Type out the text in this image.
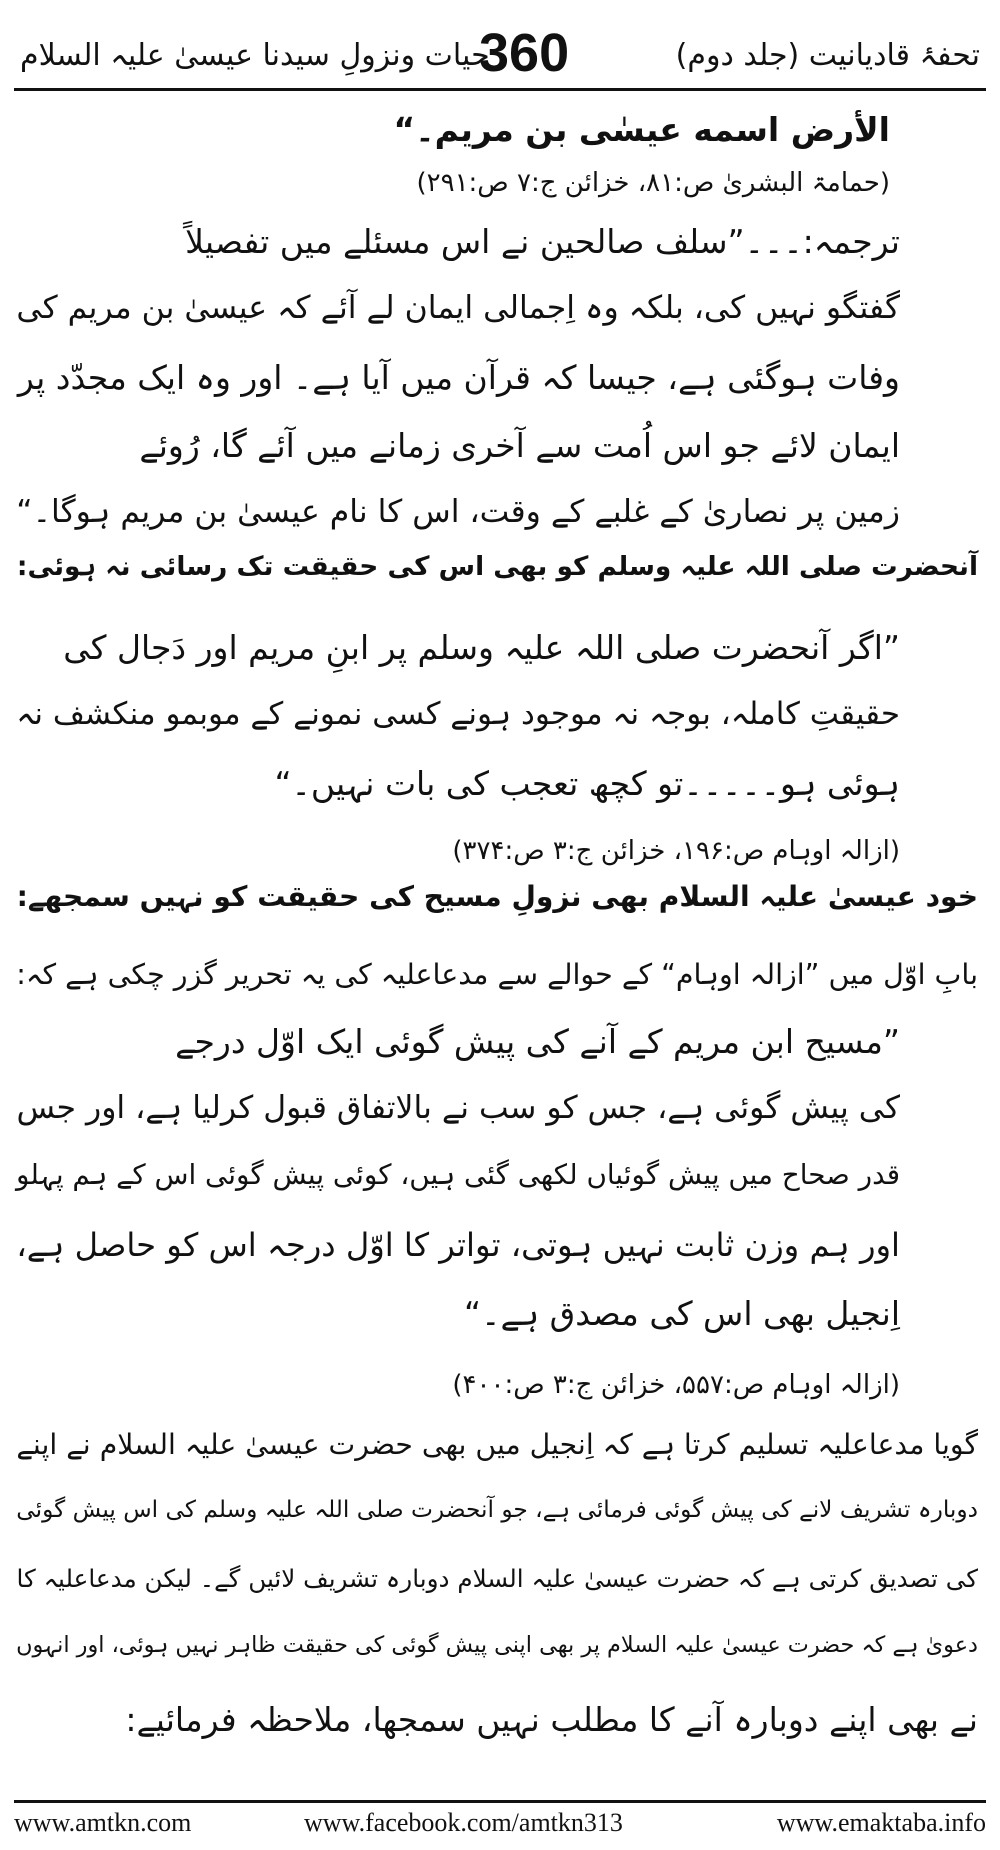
تحفۂ قادیانیت (جلد دوم)
360
حیات ونزولِ سیدنا عیسیٰ علیہ السلام
الأرض اسمه عیسٰی بن مریم۔“
(حمامۃ البشریٰ ص:۸۱، خزائن ج:۷ ص:۲۹۱)
ترجمہ:۔۔۔”سلف صالحین نے اس مسئلے میں تفصیلاً
گفتگو نہیں کی، بلکہ وہ اِجمالی ایمان لے آئے کہ عیسیٰ بن مریم کی
وفات ہوگئی ہے، جیسا کہ قرآن میں آیا ہے۔ اور وہ ایک مجدّد پر
ایمان لائے جو اس اُمت سے آخری زمانے میں آئے گا، رُوئے
زمین پر نصاریٰ کے غلبے کے وقت، اس کا نام عیسیٰ بن مریم ہوگا۔“
آنحضرت صلی اللہ علیہ وسلم کو بھی اس کی حقیقت تک رسائی نہ ہوئی:
”اگر آنحضرت صلی اللہ علیہ وسلم پر ابنِ مریم اور دَجال کی
حقیقتِ کاملہ، بوجہ نہ موجود ہونے کسی نمونے کے موبمو منکشف نہ
ہوئی ہو۔۔۔۔۔تو کچھ تعجب کی بات نہیں۔“
(ازالہ اوہام ص:۱۹۶، خزائن ج:۳ ص:۳۷۴)
خود عیسیٰ علیہ السلام بھی نزولِ مسیح کی حقیقت کو نہیں سمجھے:
بابِ اوّل میں ”ازالہ اوہام“ کے حوالے سے مدعاعلیہ کی یہ تحریر گزر چکی ہے کہ:
”مسیح ابن مریم کے آنے کی پیش گوئی ایک اوّل درجے
کی پیش گوئی ہے، جس کو سب نے بالاتفاق قبول کرلیا ہے، اور جس
قدر صحاح میں پیش گوئیاں لکھی گئی ہیں، کوئی پیش گوئی اس کے ہم پہلو
اور ہم وزن ثابت نہیں ہوتی، تواتر کا اوّل درجہ اس کو حاصل ہے،
اِنجیل بھی اس کی مصدق ہے۔“
(ازالہ اوہام ص:۵۵۷، خزائن ج:۳ ص:۴۰۰)
گویا مدعاعلیہ تسلیم کرتا ہے کہ اِنجیل میں بھی حضرت عیسیٰ علیہ السلام نے اپنے
دوبارہ تشریف لانے کی پیش گوئی فرمائی ہے، جو آنحضرت صلی اللہ علیہ وسلم کی اس پیش گوئی
کی تصدیق کرتی ہے کہ حضرت عیسیٰ علیہ السلام دوبارہ تشریف لائیں گے۔ لیکن مدعاعلیہ کا
دعویٰ ہے کہ حضرت عیسیٰ علیہ السلام پر بھی اپنی پیش گوئی کی حقیقت ظاہر نہیں ہوئی، اور انہوں
نے بھی اپنے دوبارہ آنے کا مطلب نہیں سمجھا، ملاحظہ فرمائیے:
www.amtkn.com	www.facebook.com/amtkn313	www.emaktaba.info
